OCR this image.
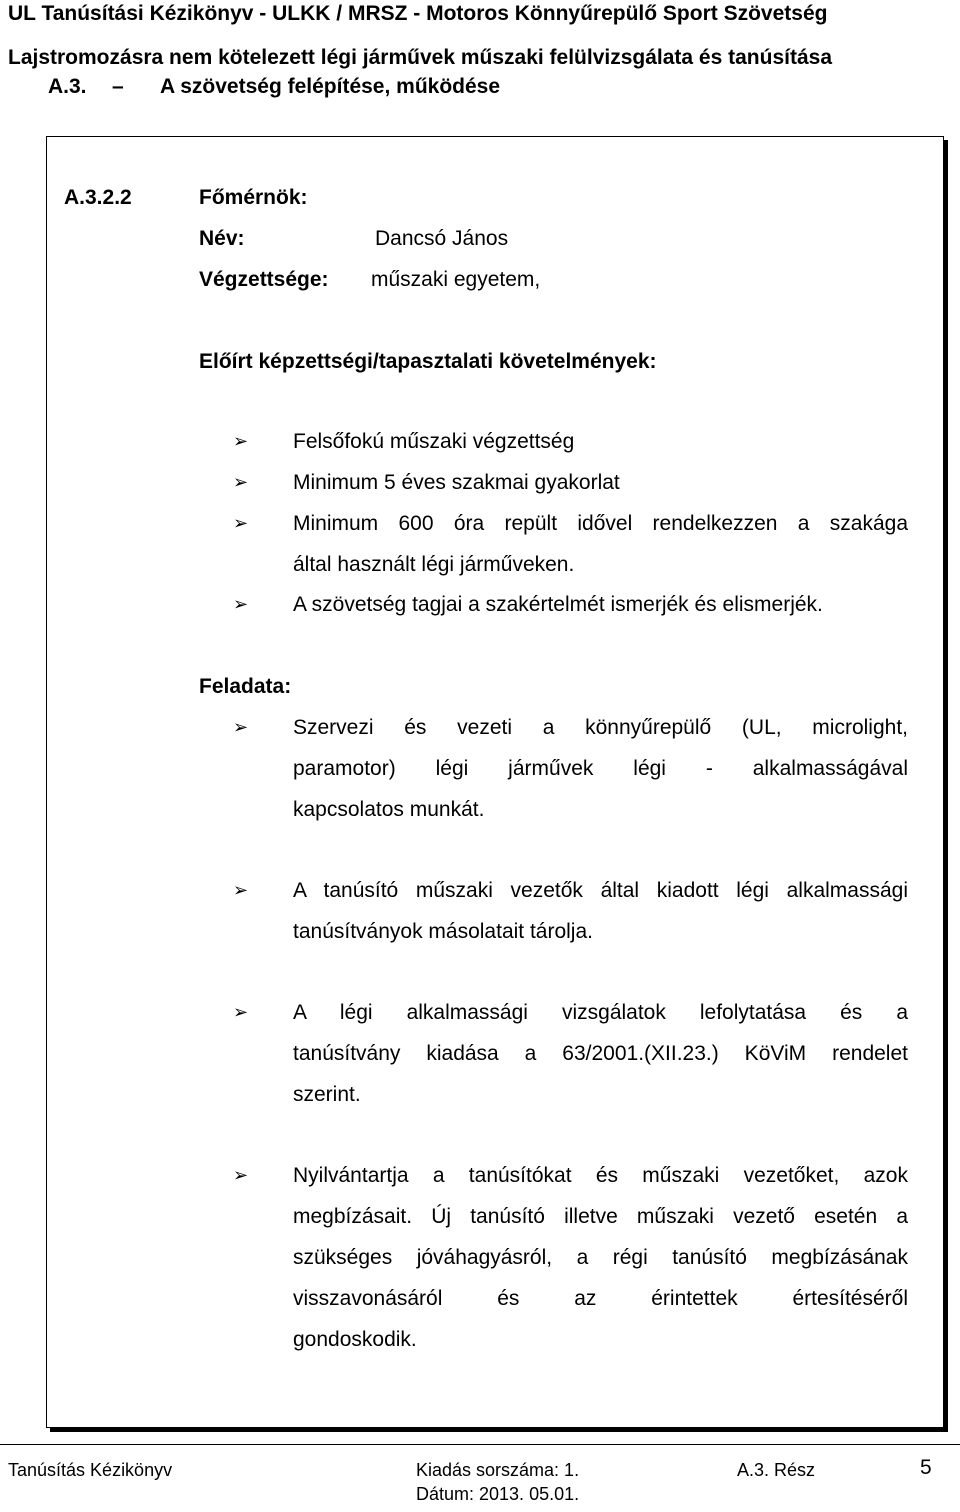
UL Tanúsítási Kézikönyv - ULKK / MRSZ - Motoros Könnyűrepülő Sport Szövetség
Lajstromozásra nem kötelezett légi járművek műszaki felülvizsgálata és tanúsítása
A.3. – A szövetség felépítése, működése
A.3.2.2	Főmérnök:
Név:	Dancsó János
Végzettsége: műszaki egyetem,
Előírt képzettségi/tapasztalati követelmények:
➢ Felsőfokú műszaki végzettség
➢ Minimum 5 éves szakmai gyakorlat
➢ Minimum 600 óra repült idővel rendelkezzen a szakága
által használt légi járműveken.
➢ A szövetség tagjai a szakértelmét ismerjék és elismerjék.
Feladata:
➢ Szervezi és vezeti a könnyűrepülő (UL, microlight,
paramotor) légi járművek légi - alkalmasságával
kapcsolatos munkát.
➢ A tanúsító műszaki vezetők által kiadott légi alkalmassági
tanúsítványok másolatait tárolja.
➢ A légi alkalmassági vizsgálatok lefolytatása és a
tanúsítvány kiadása a 63/2001.(XII.23.) KöViM rendelet
szerint.
➢ Nyilvántartja a tanúsítókat és műszaki vezetőket, azok
megbízásait. Új tanúsító illetve műszaki vezető esetén a
szükséges jóváhagyásról, a régi tanúsító megbízásának
visszavonásáról és az érintettek értesítéséről
gondoskodik.
Tanúsítás Kézikönyv	Kiadás sorszáma: 1.
Dátum: 2013. 05.01.
A.3. Rész	5
